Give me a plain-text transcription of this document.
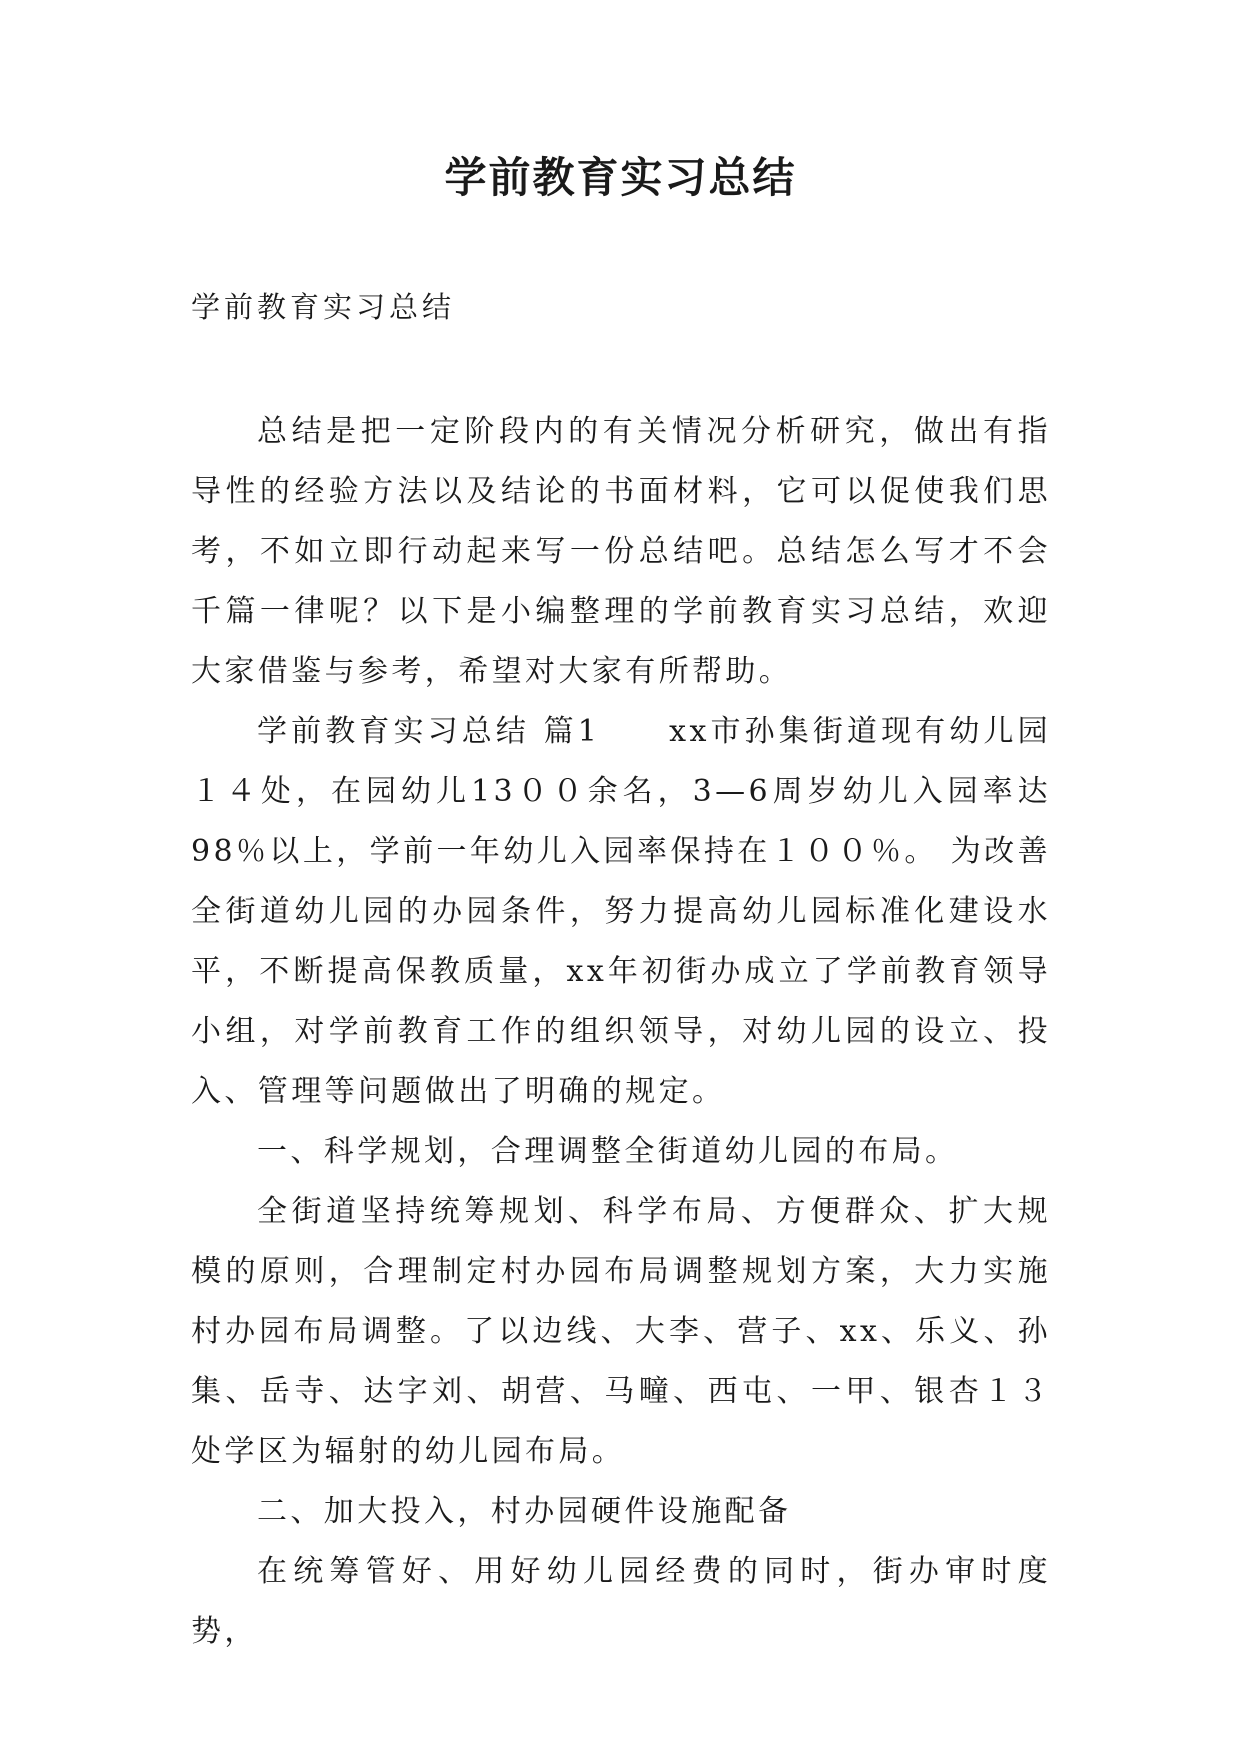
学前教育实习总结
学前教育实习总结

总结是把一定阶段内的有关情况分析研究，做出有指导性的经验方法以及结论的书面材料，它可以促使我们思考，不如立即行动起来写一份总结吧。总结怎么写才不会千篇一律呢？以下是小编整理的学前教育实习总结，欢迎大家借鉴与参考，希望对大家有所帮助。

学前教育实习总结 篇1　　xx市孙集街道现有幼儿园１４处，在园幼儿13００余名，3—6周岁幼儿入园率达98％以上，学前一年幼儿入园率保持在１００％。 为改善全街道幼儿园的办园条件，努力提高幼儿园标准化建设水平，不断提高保教质量，xx年初街办成立了学前教育领导小组，对学前教育工作的组织领导，对幼儿园的设立、投入、管理等问题做出了明确的规定。

一、科学规划，合理调整全街道幼儿园的布局。

全街道坚持统筹规划、科学布局、方便群众、扩大规模的原则，合理制定村办园布局调整规划方案，大力实施村办园布局调整。了以边线、大李、营子、xx、乐义、孙集、岳寺、达字刘、胡营、马疃、西屯、一甲、银杏１３处学区为辐射的幼儿园布局。

二、加大投入，村办园硬件设施配备

在统筹管好、用好幼儿园经费的同时，街办审时度势，
